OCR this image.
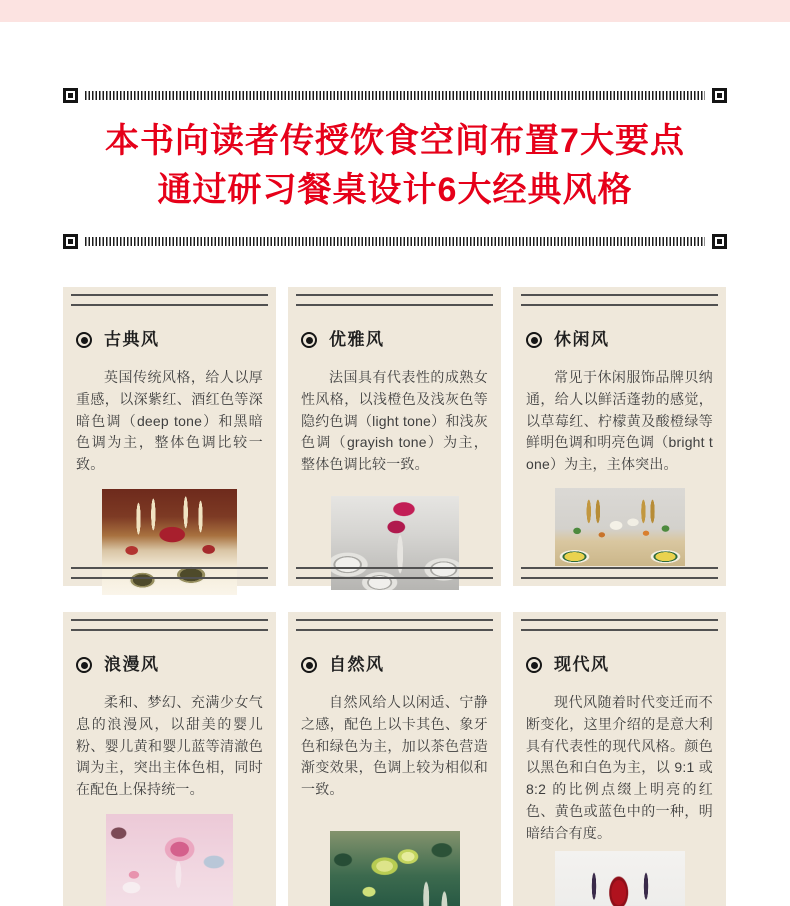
本书向读者传授饮食空间布置7大要点
通过研习餐桌设计6大经典风格
古典风

英国传统风格，给人以厚重感，以深紫红、酒红色等深暗色调（deep tone）和黑暗色调为主，整体色调比较一致。

优雅风

法国具有代表性的成熟女性风格，以浅橙色及浅灰色等隐约色调（light tone）和浅灰色调（grayish tone）为主，整体色调比较一致。

休闲风

常见于休闲服饰品牌贝纳通，给人以鲜活蓬勃的感觉，以草莓红、柠檬黄及酸橙绿等鲜明色调和明亮色调（bright tone）为主，主体突出。

浪漫风

柔和、梦幻、充满少女气息的浪漫风，以甜美的婴儿粉、婴儿黄和婴儿蓝等清澈色调为主，突出主体色相，同时在配色上保持统一。

自然风

自然风给人以闲适、宁静之感，配色上以卡其色、象牙色和绿色为主，加以茶色营造渐变效果，色调上较为相似和一致。

现代风

现代风随着时代变迁而不断变化，这里介绍的是意大利具有代表性的现代风格。颜色以黑色和白色为主，以 9:1 或 8:2 的比例点缀上明亮的红色、黄色或蓝色中的一种，明暗结合有度。
